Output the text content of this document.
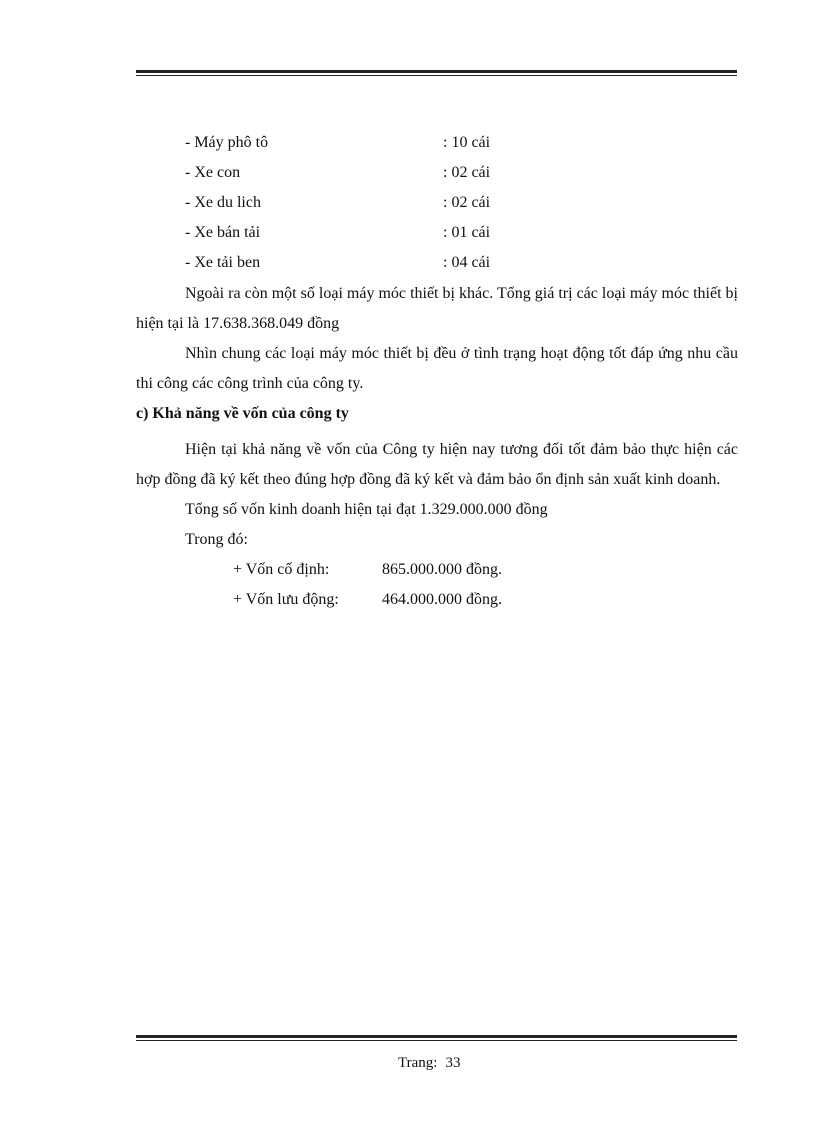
- Máy phô tô	: 10 cái
- Xe con	: 02 cái
- Xe du lich	: 02 cái
- Xe bán tải	: 01 cái
- Xe tải ben	: 04 cái

Ngoài ra còn một số loại máy móc thiết bị khác. Tổng giá trị các loại máy móc thiết bị hiện tại là 17.638.368.049 đồng

Nhìn chung các loại máy móc thiết bị đều ở tình trạng hoạt động tốt đáp ứng nhu cầu thi công các công trình của công ty.

c) Khả năng về vốn của công ty

Hiện tại khả năng về vốn của Công ty hiện nay tương đối tốt đảm bảo thực hiện các hợp đồng đã ký kết theo đúng hợp đồng đã ký kết và đảm bảo ổn định sản xuất kinh doanh.

Tổng số vốn kinh doanh hiện tại đạt 1.329.000.000 đồng
Trong đó:
+ Vốn cố định:	865.000.000 đồng.
+ Vốn lưu động:	464.000.000 đồng.
Trang: 33
